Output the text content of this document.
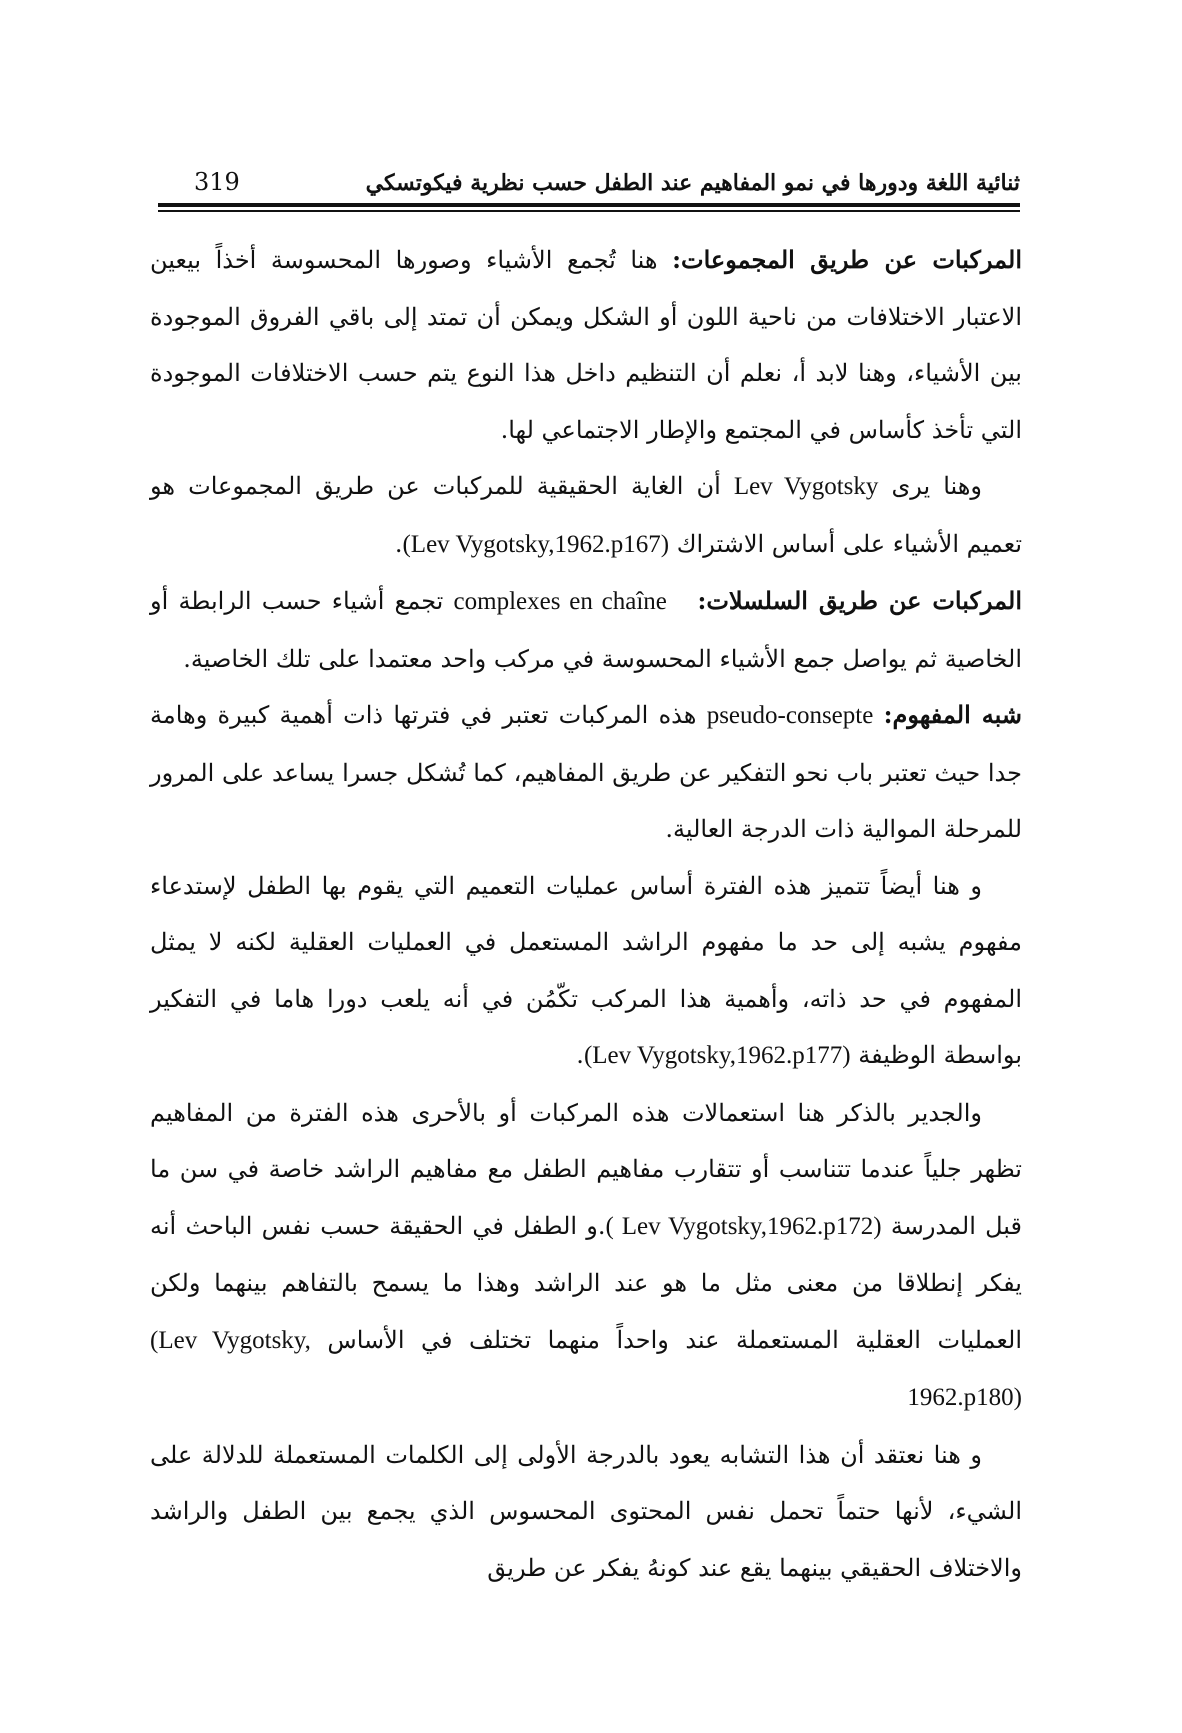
319	ثنائية اللغة ودورها في نمو المفاهيم عند الطفل حسب نظرية فيكوتسكي

المركبات عن طريق المجموعات: هنا تُجمع الأشياء وصورها المحسوسة أخذاً بيعين الاعتبار الاختلافات من ناحية اللون أو الشكل ويمكن أن تمتد إلى باقي الفروق الموجودة بين الأشياء، وهنا لابد أ، نعلم أن التنظيم داخل هذا النوع يتم حسب الاختلافات الموجودة التي تأخذ كأساس في المجتمع والإطار الاجتماعي لها.

وهنا يرى Lev Vygotsky أن الغاية الحقيقية للمركبات عن طريق المجموعات هو تعميم الأشياء على أساس الاشتراك (Lev Vygotsky,1962.p167).

المركبات عن طريق السلسلات:   complexes en chaîne تجمع أشياء حسب الرابطة أو الخاصية ثم يواصل جمع الأشياء المحسوسة في مركب واحد معتمدا على تلك الخاصية.

شبه المفهوم: pseudo-consepte هذه المركبات تعتبر في فترتها ذات أهمية كبيرة وهامة جدا حيث تعتبر باب نحو التفكير عن طريق المفاهيم، كما تُشكل جسرا يساعد على المرور للمرحلة الموالية ذات الدرجة العالية.

و هنا أيضاً تتميز هذه الفترة أساس عمليات التعميم التي يقوم بها الطفل لإستدعاء مفهوم يشبه إلى حد ما مفهوم الراشد المستعمل في العمليات العقلية لكنه لا يمثل المفهوم في حد ذاته، وأهمية هذا المركب تكّمُن في أنه يلعب دورا هاما في التفكير بواسطة الوظيفة (Lev Vygotsky,1962.p177).

والجدير بالذكر هنا استعمالات هذه المركبات أو بالأحرى هذه الفترة من المفاهيم تظهر جلياً عندما تتناسب أو تتقارب مفاهيم الطفل مع مفاهيم الراشد خاصة في سن ما قبل المدرسة ( Lev Vygotsky,1962.p172).و الطفل في الحقيقة حسب نفس الباحث أنه يفكر إنطلاقا من معنى مثل ما هو عند الراشد وهذا ما يسمح بالتفاهم بينهما ولكن العمليات العقلية المستعملة عند واحداً منهما تختلف في الأساس (Lev Vygotsky, 1962.p180)

و هنا نعتقد أن هذا التشابه يعود بالدرجة الأولى إلى الكلمات المستعملة للدلالة على الشيء، لأنها حتماً تحمل نفس المحتوى المحسوس الذي يجمع بين الطفل والراشد والاختلاف الحقيقي بينهما يقع عند كونهُ يفكر عن طريق
